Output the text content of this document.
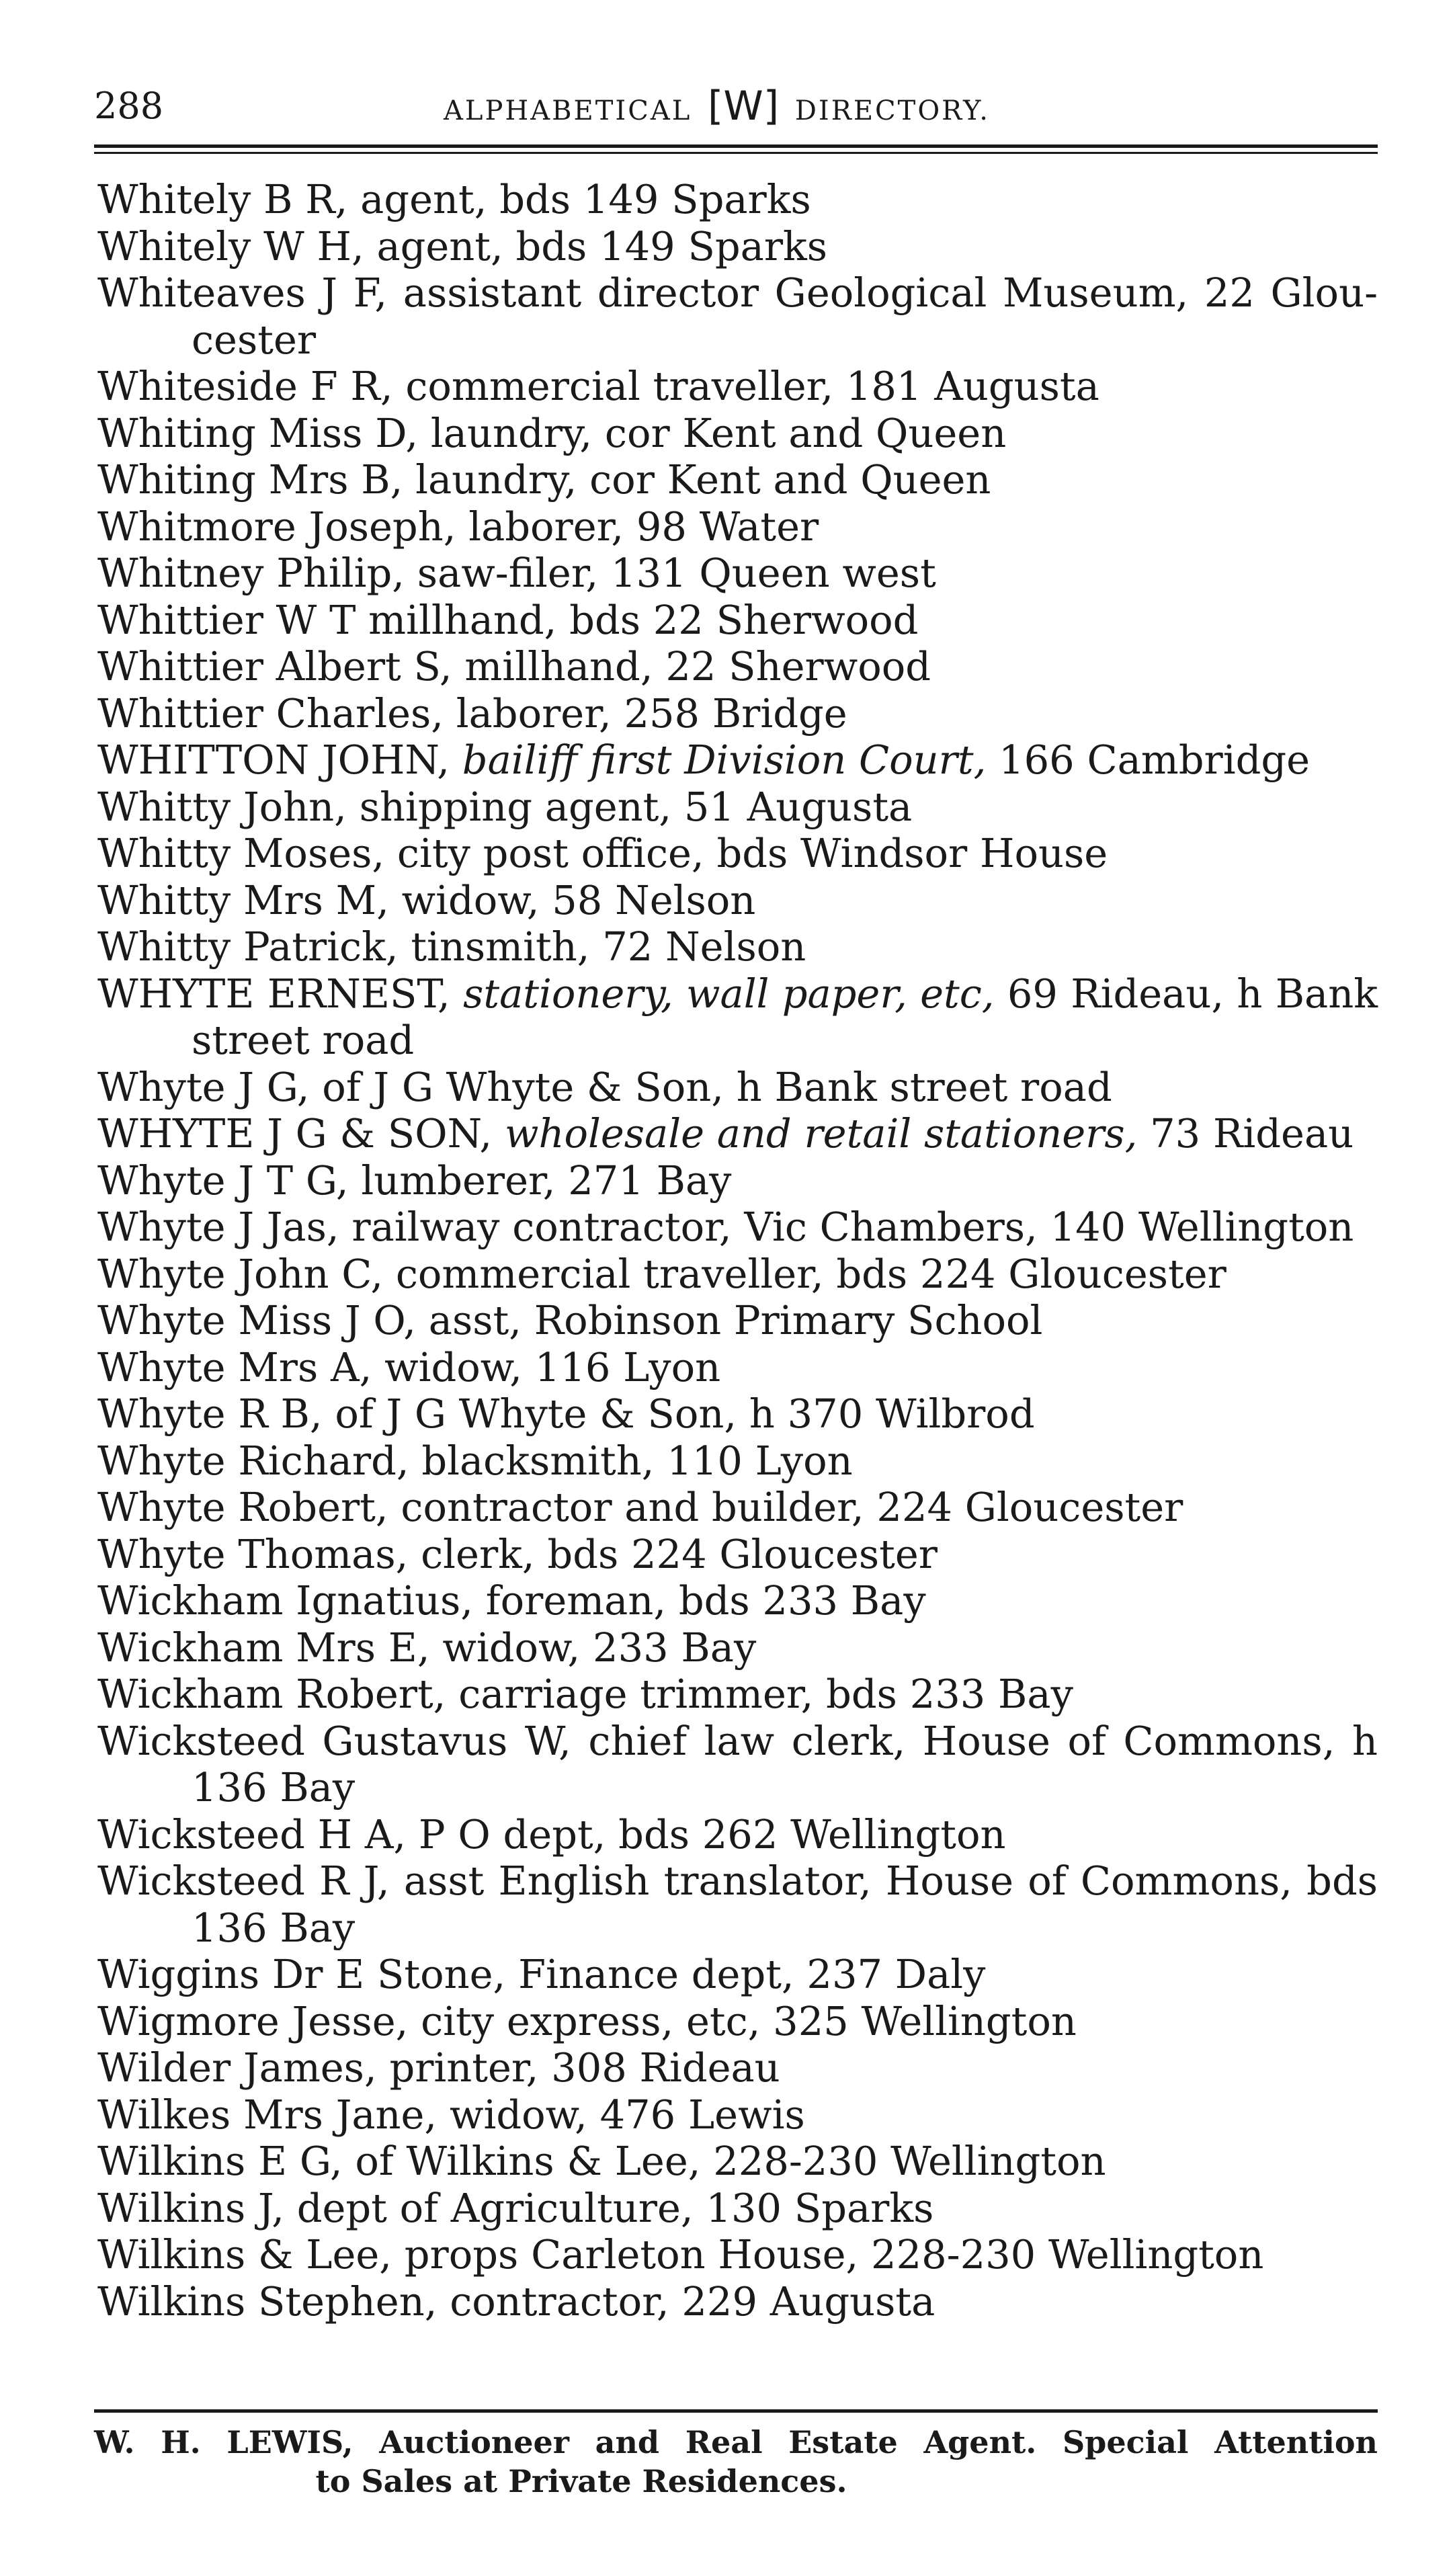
288	ALPHABETICAL [W] DIRECTORY.
Whitely B R, agent, bds 149 Sparks
Whitely W H, agent, bds 149 Sparks
Whiteaves J F, assistant director Geological Museum, 22 Glou- cester
Whiteside F R, commercial traveller, 181 Augusta
Whiting Miss D, laundry, cor Kent and Queen
Whiting Mrs B, laundry, cor Kent and Queen
Whitmore Joseph, laborer, 98 Water
Whitney Philip, saw-filer, 131 Queen west
Whittier W T millhand, bds 22 Sherwood
Whittier Albert S, millhand, 22 Sherwood
Whittier Charles, laborer, 258 Bridge
WHITTON JOHN, bailiff first Division Court, 166 Cambridge
Whitty John, shipping agent, 51 Augusta
Whitty Moses, city post office, bds Windsor House
Whitty Mrs M, widow, 58 Nelson
Whitty Patrick, tinsmith, 72 Nelson
WHYTE ERNEST, stationery, wall paper, etc, 69 Rideau, h Bank street road
Whyte J G, of J G Whyte & Son, h Bank street road
WHYTE J G & SON, wholesale and retail stationers, 73 Rideau
Whyte J T G, lumberer, 271 Bay
Whyte J Jas, railway contractor, Vic Chambers, 140 Wellington
Whyte John C, commercial traveller, bds 224 Gloucester
Whyte Miss J O, asst, Robinson Primary School
Whyte Mrs A, widow, 116 Lyon
Whyte R B, of J G Whyte & Son, h 370 Wilbrod
Whyte Richard, blacksmith, 110 Lyon
Whyte Robert, contractor and builder, 224 Gloucester
Whyte Thomas, clerk, bds 224 Gloucester
Wickham Ignatius, foreman, bds 233 Bay
Wickham Mrs E, widow, 233 Bay
Wickham Robert, carriage trimmer, bds 233 Bay
Wicksteed Gustavus W, chief law clerk, House of Commons, h 136 Bay
Wicksteed H A, P O dept, bds 262 Wellington
Wicksteed R J, asst English translator, House of Commons, bds 136 Bay
Wiggins Dr E Stone, Finance dept, 237 Daly
Wigmore Jesse, city express, etc, 325 Wellington
Wilder James, printer, 308 Rideau
Wilkes Mrs Jane, widow, 476 Lewis
Wilkins E G, of Wilkins & Lee, 228-230 Wellington
Wilkins J, dept of Agriculture, 130 Sparks
Wilkins & Lee, props Carleton House, 228-230 Wellington
Wilkins Stephen, contractor, 229 Augusta
W. H. LEWIS, Auctioneer and Real Estate Agent. Special Attention
to Sales at Private Residences.
